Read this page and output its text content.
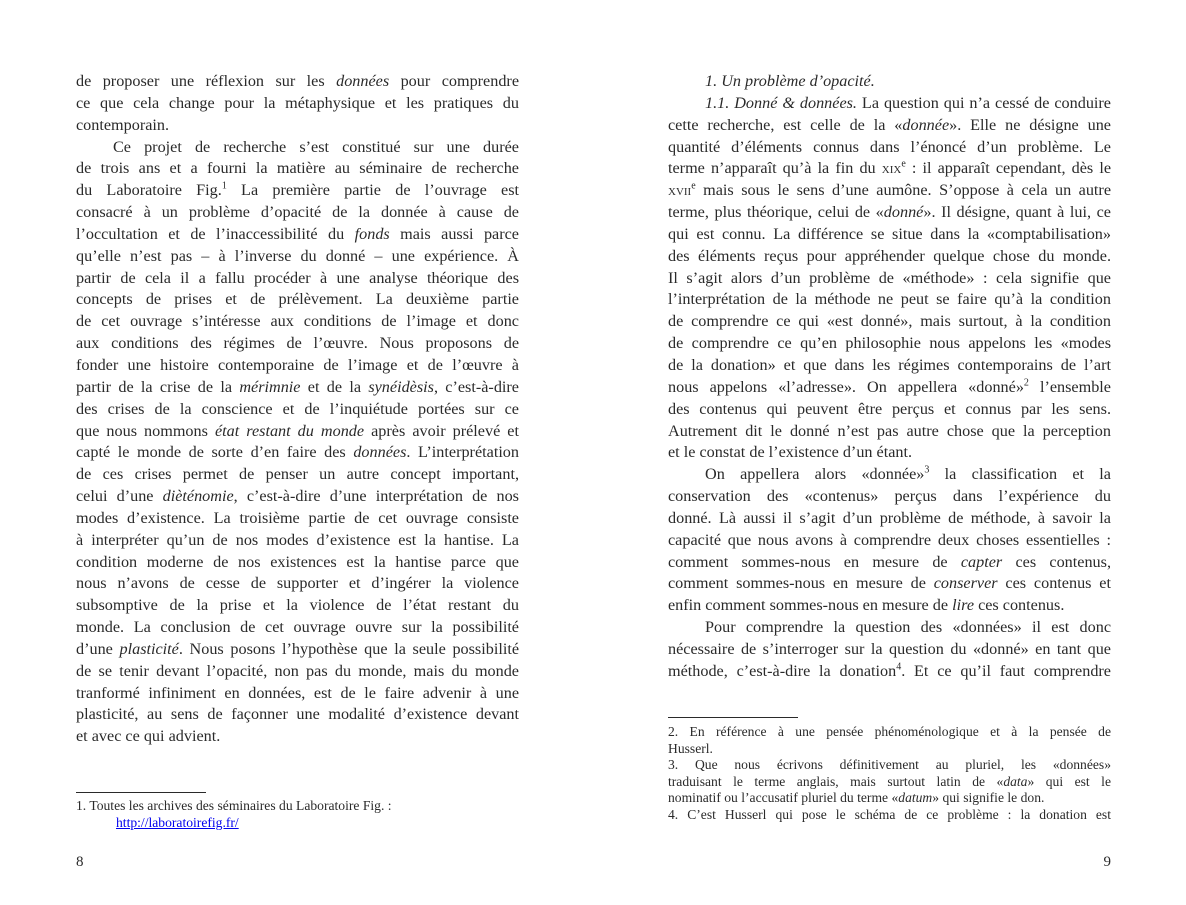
de proposer une réflexion sur les données pour comprendre
ce que cela change pour la métaphysique et les pratiques du
contemporain.
Ce projet de recherche s’est constitué sur une durée
de trois ans et a fourni la matière au séminaire de recherche
du Laboratoire Fig.$^1$ La première partie de l’ouvrage est
consacré à un problème d’opacité de la donnée à cause de
l’occultation et de l’inaccessibilité du fonds mais aussi parce
qu’elle n’est pas – à l’inverse du donné – une expérience. À
partir de cela il a fallu procéder à une analyse théorique des
concepts de prises et de prélèvement. La deuxième partie
de cet ouvrage s’intéresse aux conditions de l’image et donc
aux conditions des régimes de l’œuvre. Nous proposons de
fonder une histoire contemporaine de l’image et de l’œuvre à
partir de la crise de la mérimnie et de la synéidèsis, c’est-à-dire
des crises de la conscience et de l’inquiétude portées sur ce
que nous nommons état restant du monde après avoir prélevé et
capté le monde de sorte d’en faire des données. L’interprétation
de ces crises permet de penser un autre concept important,
celui d’une dièténomie, c’est-à-dire d’une interprétation de nos
modes d’existence. La troisième partie de cet ouvrage consiste
à interpréter qu’un de nos modes d’existence est la hantise. La
condition moderne de nos existences est la hantise parce que
nous n’avons de cesse de supporter et d’ingérer la violence
subsomptive de la prise et la violence de l’état restant du
monde. La conclusion de cet ouvrage ouvre sur la possibilité
d’une plasticité. Nous posons l’hypothèse que la seule possibilité
de se tenir devant l’opacité, non pas du monde, mais du monde
tranformé infiniment en données, est de le faire advenir à une
plasticité, au sens de façonner une modalité d’existence devant
et avec ce qui advient.
1. Toutes les archives des séminaires du Laboratoire Fig. :
http://laboratoirefig.fr/
8
1. Un problème d’opacité.
1.1. Donné & données. La question qui n’a cessé de conduire
cette recherche, est celle de la «donnée». Elle ne désigne une
quantité d’éléments connus dans l’énoncé d’un problème. Le
terme n’apparaît qu’à la fin du xix$^e$ : il apparaît cependant, dès le
xvii$^e$ mais sous le sens d’une aumône. S’oppose à cela un autre
terme, plus théorique, celui de «donné». Il désigne, quant à lui, ce
qui est connu. La différence se situe dans la «comptabilisation»
des éléments reçus pour appréhender quelque chose du monde.
Il s’agit alors d’un problème de «méthode» : cela signifie que
l’interprétation de la méthode ne peut se faire qu’à la condition
de comprendre ce qui «est donné», mais surtout, à la condition
de comprendre ce qu’en philosophie nous appelons les «modes
de la donation» et que dans les régimes contemporains de l’art
nous appelons «l’adresse». On appellera «donné»$^2$ l’ensemble
des contenus qui peuvent être perçus et connus par les sens.
Autrement dit le donné n’est pas autre chose que la perception
et le constat de l’existence d’un étant.
On appellera alors «donnée»$^3$ la classification et la
conservation des «contenus» perçus dans l’expérience du
donné. Là aussi il s’agit d’un problème de méthode, à savoir la
capacité que nous avons à comprendre deux choses essentielles :
comment sommes-nous en mesure de capter ces contenus,
comment sommes-nous en mesure de conserver ces contenus et
enfin comment sommes-nous en mesure de lire ces contenus.
Pour comprendre la question des «données» il est donc
nécessaire de s’interroger sur la question du «donné» en tant que
méthode, c’est-à-dire la donation$^4$. Et ce qu’il faut comprendre
2. En référence à une pensée phénoménologique et à la pensée de
Husserl.
3. Que nous écrivons définitivement au pluriel, les «données»
traduisant le terme anglais, mais surtout latin de «data» qui est le
nominatif ou l’accusatif pluriel du terme «datum» qui signifie le don.
4. C’est Husserl qui pose le schéma de ce problème : la donation est
9
